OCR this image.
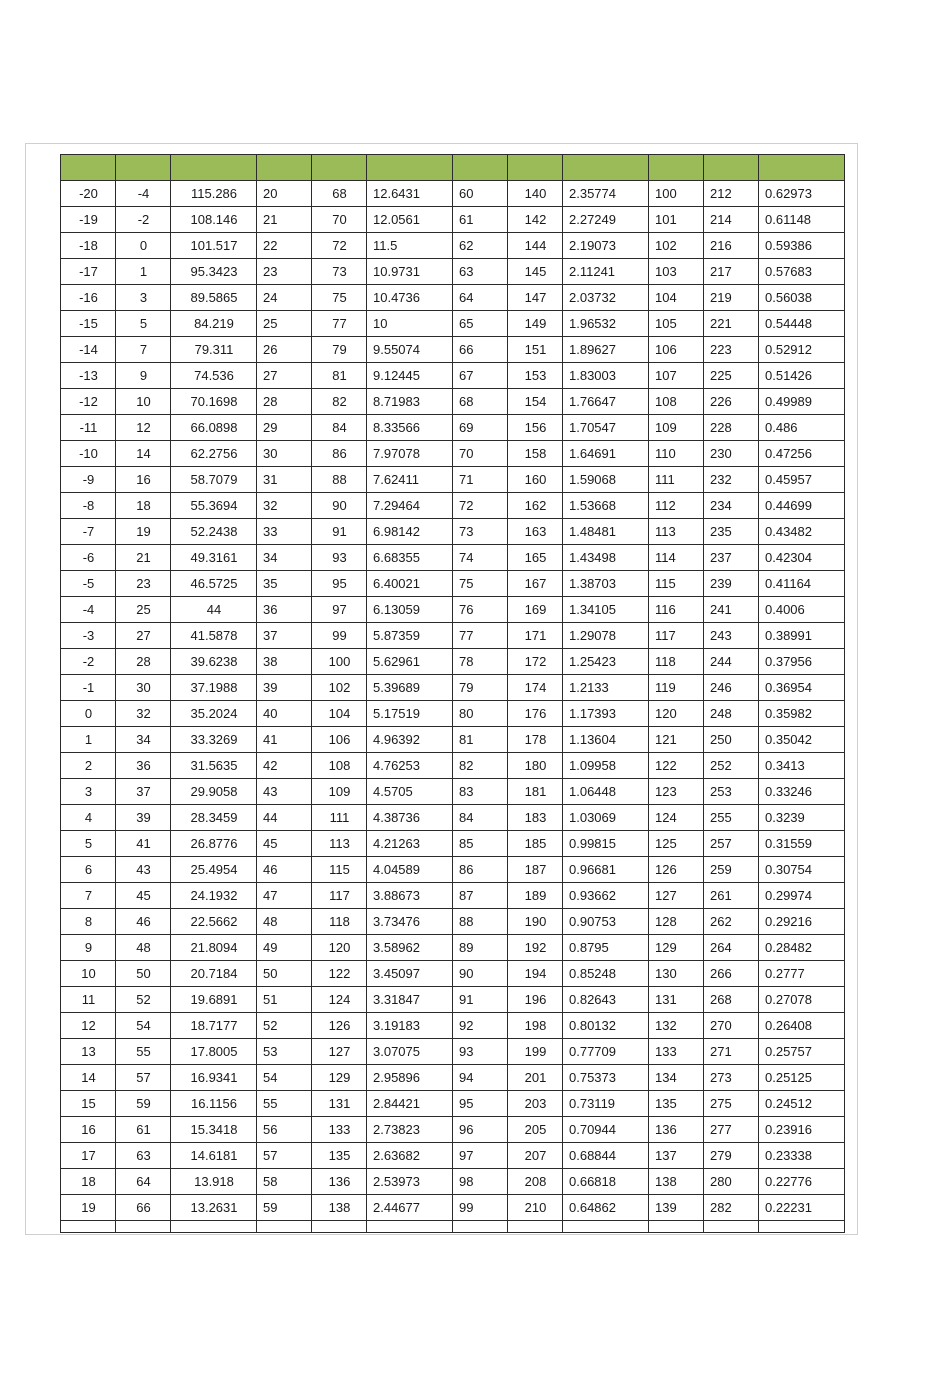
-20	-4	115.286	20	68	12.6431	60	140	2.35774	100	212	0.62973
-19	-2	108.146	21	70	12.0561	61	142	2.27249	101	214	0.61148
-18	0	101.517	22	72	11.5	62	144	2.19073	102	216	0.59386
-17	1	95.3423	23	73	10.9731	63	145	2.11241	103	217	0.57683
-16	3	89.5865	24	75	10.4736	64	147	2.03732	104	219	0.56038
-15	5	84.219	25	77	10	65	149	1.96532	105	221	0.54448
-14	7	79.311	26	79	9.55074	66	151	1.89627	106	223	0.52912
-13	9	74.536	27	81	9.12445	67	153	1.83003	107	225	0.51426
-12	10	70.1698	28	82	8.71983	68	154	1.76647	108	226	0.49989
-11	12	66.0898	29	84	8.33566	69	156	1.70547	109	228	0.486
-10	14	62.2756	30	86	7.97078	70	158	1.64691	110	230	0.47256
-9	16	58.7079	31	88	7.62411	71	160	1.59068	111	232	0.45957
-8	18	55.3694	32	90	7.29464	72	162	1.53668	112	234	0.44699
-7	19	52.2438	33	91	6.98142	73	163	1.48481	113	235	0.43482
-6	21	49.3161	34	93	6.68355	74	165	1.43498	114	237	0.42304
-5	23	46.5725	35	95	6.40021	75	167	1.38703	115	239	0.41164
-4	25	44	36	97	6.13059	76	169	1.34105	116	241	0.4006
-3	27	41.5878	37	99	5.87359	77	171	1.29078	117	243	0.38991
-2	28	39.6238	38	100	5.62961	78	172	1.25423	118	244	0.37956
-1	30	37.1988	39	102	5.39689	79	174	1.2133	119	246	0.36954
0	32	35.2024	40	104	5.17519	80	176	1.17393	120	248	0.35982
1	34	33.3269	41	106	4.96392	81	178	1.13604	121	250	0.35042
2	36	31.5635	42	108	4.76253	82	180	1.09958	122	252	0.3413
3	37	29.9058	43	109	4.5705	83	181	1.06448	123	253	0.33246
4	39	28.3459	44	111	4.38736	84	183	1.03069	124	255	0.3239
5	41	26.8776	45	113	4.21263	85	185	0.99815	125	257	0.31559
6	43	25.4954	46	115	4.04589	86	187	0.96681	126	259	0.30754
7	45	24.1932	47	117	3.88673	87	189	0.93662	127	261	0.29974
8	46	22.5662	48	118	3.73476	88	190	0.90753	128	262	0.29216
9	48	21.8094	49	120	3.58962	89	192	0.8795	129	264	0.28482
10	50	20.7184	50	122	3.45097	90	194	0.85248	130	266	0.2777
11	52	19.6891	51	124	3.31847	91	196	0.82643	131	268	0.27078
12	54	18.7177	52	126	3.19183	92	198	0.80132	132	270	0.26408
13	55	17.8005	53	127	3.07075	93	199	0.77709	133	271	0.25757
14	57	16.9341	54	129	2.95896	94	201	0.75373	134	273	0.25125
15	59	16.1156	55	131	2.84421	95	203	0.73119	135	275	0.24512
16	61	15.3418	56	133	2.73823	96	205	0.70944	136	277	0.23916
17	63	14.6181	57	135	2.63682	97	207	0.68844	137	279	0.23338
18	64	13.918	58	136	2.53973	98	208	0.66818	138	280	0.22776
19	66	13.2631	59	138	2.44677	99	210	0.64862	139	282	0.22231
